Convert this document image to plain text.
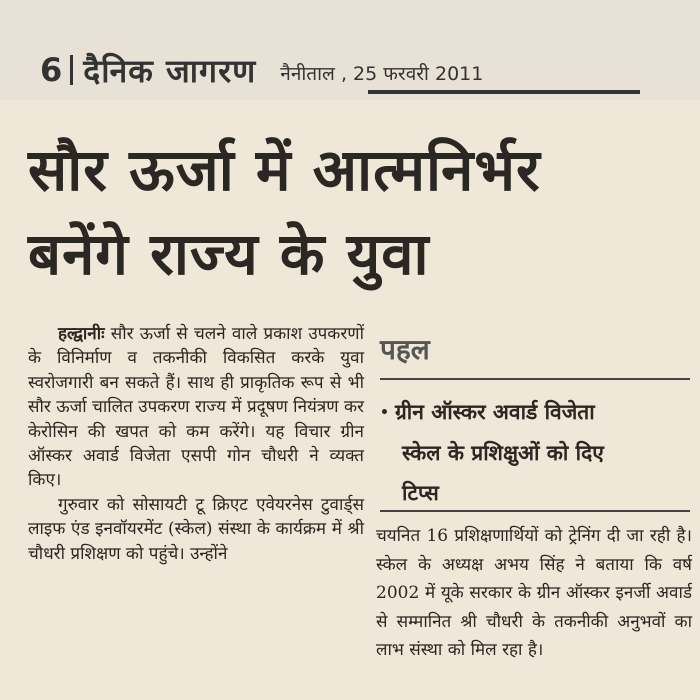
6 दैनिक जागरण नैनीताल , 25 फरवरी 2011
सौर ऊर्जा में आत्मनिर्भर
बनेंगे राज्य के युवा

हल्द्वानीः सौर ऊर्जा से चलने वाले प्रकाश उपकरणों के विनिर्माण व तकनीकी विकसित करके युवा स्वरोजगारी बन सकते हैं। साथ ही प्राकृतिक रूप से भी सौर ऊर्जा चालित उपकरण राज्य में प्रदूषण नियंत्रण कर केरोसिन की खपत को कम करेंगे। यह विचार ग्रीन ऑस्कर अवार्ड विजेता एसपी गोन चौधरी ने व्यक्त किए।

गुरुवार को सोसायटी टू क्रिएट एवेयरनेस टुवार्ड्स लाइफ एंड इनवॉयरमेंट (स्केल) संस्था के कार्यक्रम में श्री चौधरी प्रशिक्षण को पहुंचे। उन्होंने

पहल
• ग्रीन ऑस्कर अवार्ड विजेता
स्केल के प्रशिक्षुओं को दिए
टिप्स

चयनित 16 प्रशिक्षणार्थियों को ट्रेनिंग दी जा रही है। स्केल के अध्यक्ष अभय सिंह ने बताया कि वर्ष 2002 में यूके सरकार के ग्रीन ऑस्कर इनर्जी अवार्ड से सम्मानित श्री चौधरी के तकनीकी अनुभवों का लाभ संस्था को मिल रहा है।
